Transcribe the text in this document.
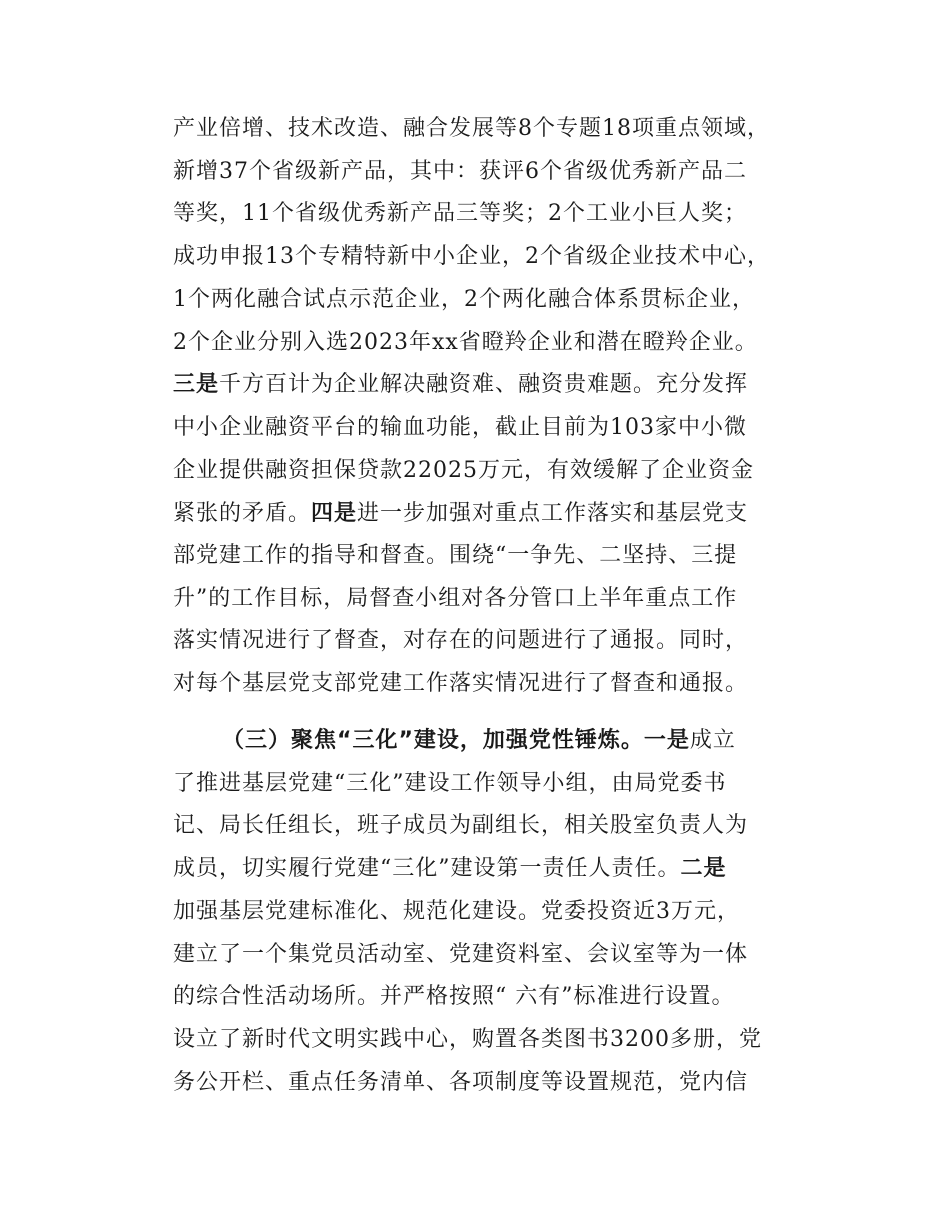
产业倍增、技术改造、融合发展等8个专题18项重点领域，
新增37个省级新产品，其中：获评6个省级优秀新产品二
等奖，11个省级优秀新产品三等奖；2个工业小巨人奖；
成功申报13个专精特新中小企业，2个省级企业技术中心，
1个两化融合试点示范企业，2个两化融合体系贯标企业，
2个企业分别入选2023年xx省瞪羚企业和潜在瞪羚企业。
三是千方百计为企业解决融资难、融资贵难题。充分发挥
中小企业融资平台的输血功能，截止目前为103家中小微
企业提供融资担保贷款22025万元，有效缓解了企业资金
紧张的矛盾。四是进一步加强对重点工作落实和基层党支
部党建工作的指导和督查。围绕“一争先、二坚持、三提
升”的工作目标，局督查小组对各分管口上半年重点工作
落实情况进行了督查，对存在的问题进行了通报。同时，
对每个基层党支部党建工作落实情况进行了督查和通报。
（三）聚焦“三化”建设，加强党性锤炼。一是成立
了推进基层党建“三化”建设工作领导小组，由局党委书
记、局长任组长，班子成员为副组长，相关股室负责人为
成员，切实履行党建“三化”建设第一责任人责任。二是
加强基层党建标准化、规范化建设。党委投资近3万元，
建立了一个集党员活动室、党建资料室、会议室等为一体
的综合性活动场所。并严格按照“ 六有”标准进行设置。
设立了新时代文明实践中心，购置各类图书3200多册，党
务公开栏、重点任务清单、各项制度等设置规范，党内信
